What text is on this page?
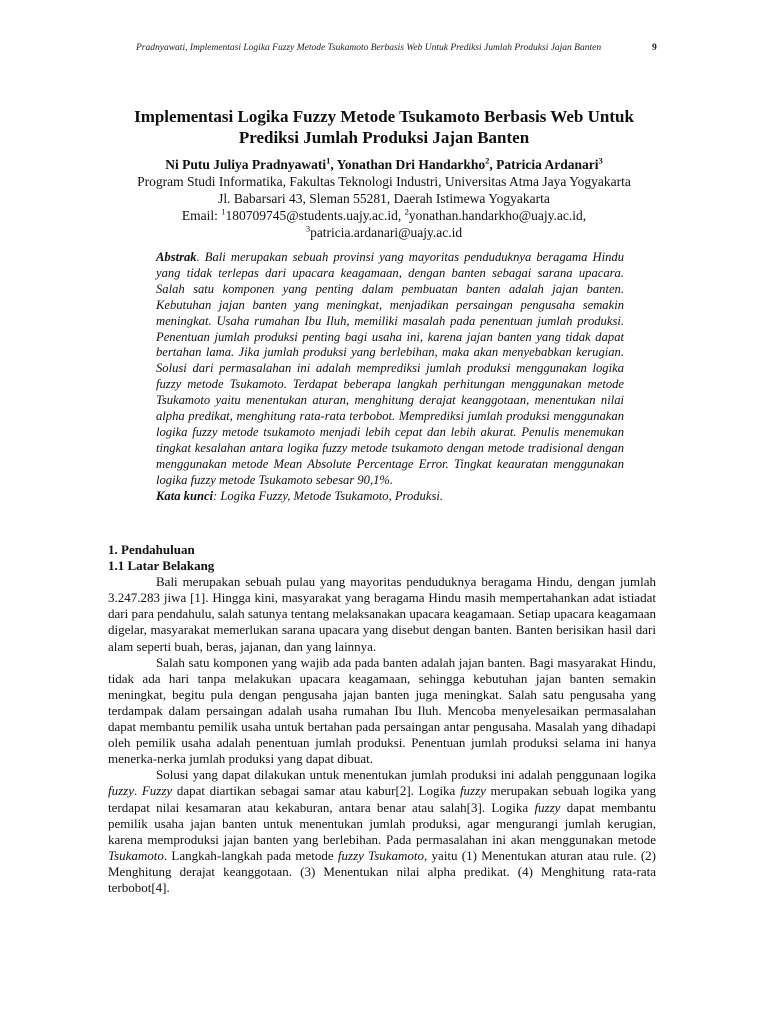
Pradnyawati, Implementasi Logika Fuzzy Metode Tsukamoto Berbasis Web Untuk Prediksi Jumlah Produksi Jajan Banten	9
Implementasi Logika Fuzzy Metode Tsukamoto Berbasis Web Untuk
Prediksi Jumlah Produksi Jajan Banten
Ni Putu Juliya Pradnyawati$^1$, Yonathan Dri Handarkho$^2$, Patricia Ardanari$^3$
Program Studi Informatika, Fakultas Teknologi Industri, Universitas Atma Jaya Yogyakarta
Jl. Babarsari 43, Sleman 55281, Daerah Istimewa Yogyakarta
Email: $^1$180709745@students.uajy.ac.id, $^2$yonathan.handarkho@uajy.ac.id,
$^3$patricia.ardanari@uajy.ac.id

Abstrak. Bali merupakan sebuah provinsi yang mayoritas penduduknya beragama Hindu yang tidak terlepas dari upacara keagamaan, dengan banten sebagai sarana upacara. Salah satu komponen yang penting dalam pembuatan banten adalah jajan banten. Kebutuhan jajan banten yang meningkat, menjadikan persaingan pengusaha semakin meningkat. Usaha rumahan Ibu Iluh, memiliki masalah pada penentuan jumlah produksi. Penentuan jumlah produksi penting bagi usaha ini, karena jajan banten yang tidak dapat bertahan lama. Jika jumlah produksi yang berlebihan, maka akan menyebabkan kerugian. Solusi dari permasalahan ini adalah memprediksi jumlah produksi menggunakan logika fuzzy metode Tsukamoto. Terdapat beberapa langkah perhitungan menggunakan metode Tsukamoto yaitu menentukan aturan, menghitung derajat keanggotaan, menentukan nilai alpha predikat, menghitung rata-rata terbobot. Memprediksi jumlah produksi menggunakan logika fuzzy metode tsukamoto menjadi lebih cepat dan lebih akurat. Penulis menemukan tingkat kesalahan antara logika fuzzy metode tsukamoto dengan metode tradisional dengan menggunakan metode Mean Absolute Percentage Error. Tingkat keauratan menggunakan logika fuzzy metode Tsukamoto sebesar 90,1%.

Kata kunci: Logika Fuzzy, Metode Tsukamoto, Produksi.

1. Pendahuluan
1.1 Latar Belakang

Bali merupakan sebuah pulau yang mayoritas penduduknya beragama Hindu, dengan jumlah 3.247.283 jiwa [1]. Hingga kini, masyarakat yang beragama Hindu masih mempertahankan adat istiadat dari para pendahulu, salah satunya tentang melaksanakan upacara keagamaan. Setiap upacara keagamaan digelar, masyarakat memerlukan sarana upacara yang disebut dengan banten. Banten berisikan hasil dari alam seperti buah, beras, jajanan, dan yang lainnya.

Salah satu komponen yang wajib ada pada banten adalah jajan banten. Bagi masyarakat Hindu, tidak ada hari tanpa melakukan upacara keagamaan, sehingga kebutuhan jajan banten semakin meningkat, begitu pula dengan pengusaha jajan banten juga meningkat. Salah satu pengusaha yang terdampak dalam persaingan adalah usaha rumahan Ibu Iluh. Mencoba menyelesaikan permasalahan dapat membantu pemilik usaha untuk bertahan pada persaingan antar pengusaha. Masalah yang dihadapi oleh pemilik usaha adalah penentuan jumlah produksi. Penentuan jumlah produksi selama ini hanya menerka-nerka jumlah produksi yang dapat dibuat.

Solusi yang dapat dilakukan untuk menentukan jumlah produksi ini adalah penggunaan logika fuzzy. Fuzzy dapat diartikan sebagai samar atau kabur[2]. Logika fuzzy merupakan sebuah logika yang terdapat nilai kesamaran atau kekaburan, antara benar atau salah[3]. Logika fuzzy dapat membantu pemilik usaha jajan banten untuk menentukan jumlah produksi, agar mengurangi jumlah kerugian, karena memproduksi jajan banten yang berlebihan. Pada permasalahan ini akan menggunakan metode Tsukamoto. Langkah-langkah pada metode fuzzy Tsukamoto, yaitu (1) Menentukan aturan atau rule. (2) Menghitung derajat keanggotaan. (3) Menentukan nilai alpha predikat. (4) Menghitung rata-rata terbobot[4].
